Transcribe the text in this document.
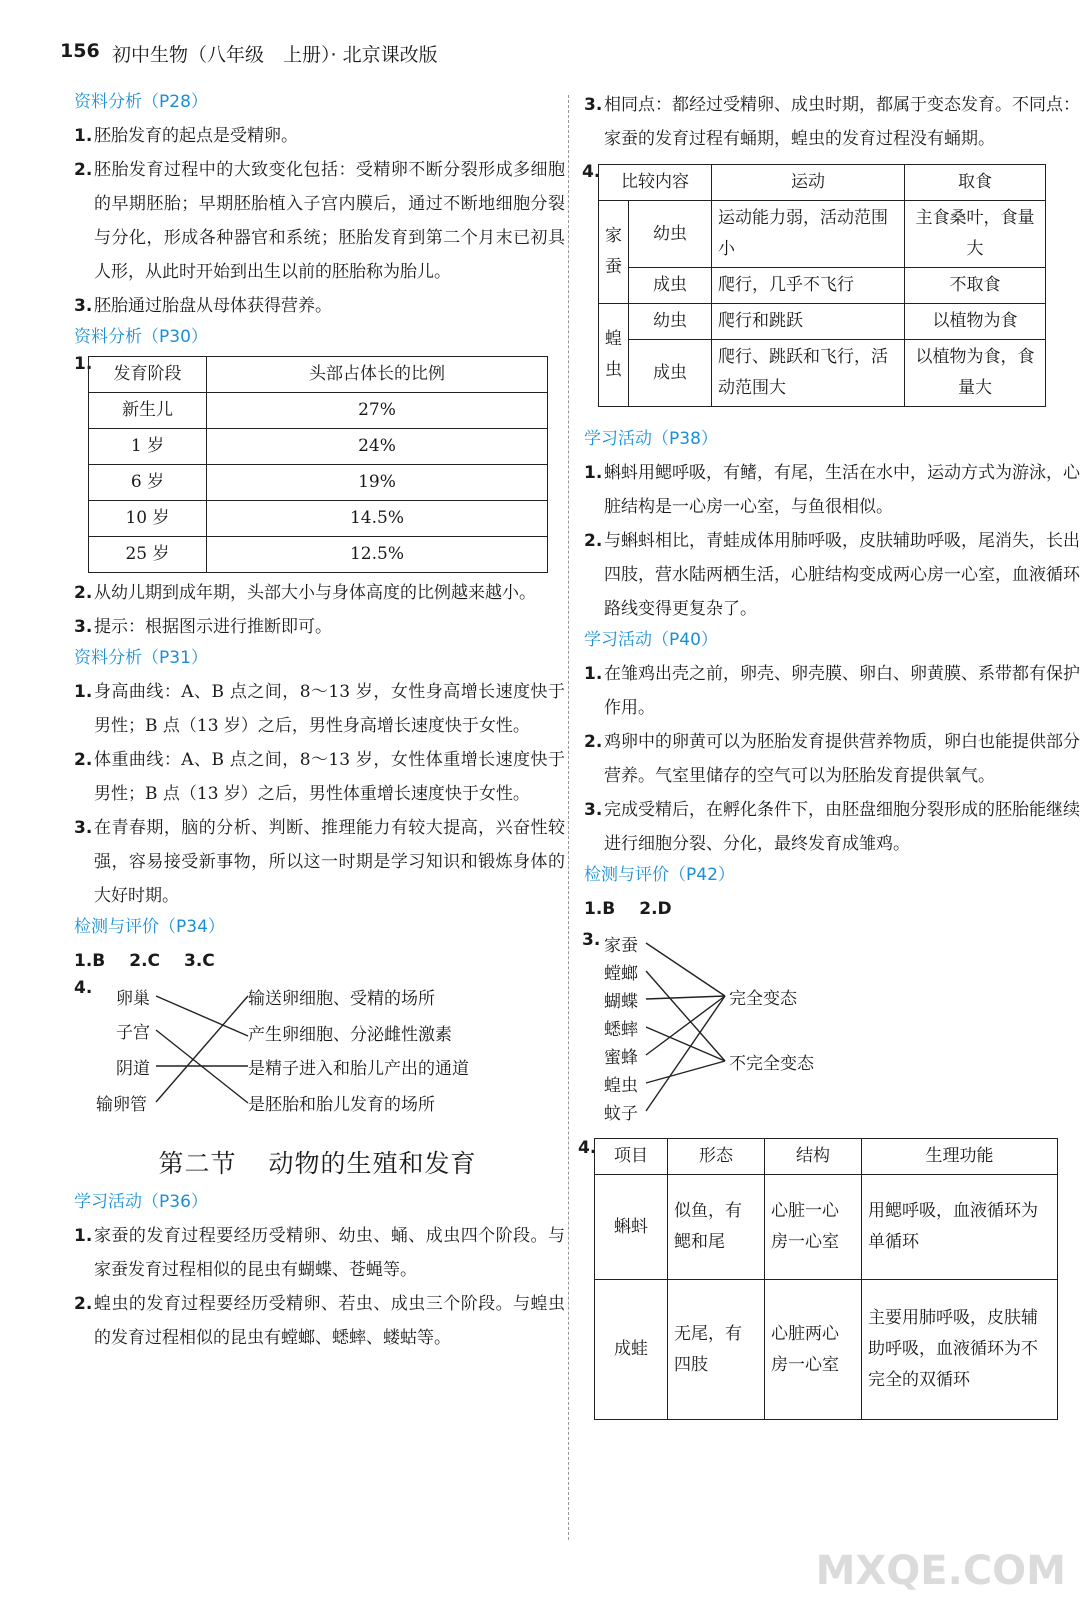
156 初中生物（八年级　上册）· 北京课改版
资料分析（P28）
1. 胚胎发育的起点是受精卵。
2. 胚胎发育过程中的大致变化包括：受精卵不断分裂形成多细胞的早期胚胎；早期胚胎植入子宫内膜后，通过不断地细胞分裂与分化，形成各种器官和系统；胚胎发育到第二个月末已初具人形，从此时开始到出生以前的胚胎称为胎儿。
3. 胚胎通过胎盘从母体获得营养。
资料分析（P30）
1. 发育阶段	头部占体长的比例
新生儿	27%
1 岁	24%
6 岁	19%
10 岁	14.5%
25 岁	12.5%
2. 从幼儿期到成年期，头部大小与身体高度的比例越来越小。
3. 提示：根据图示进行推断即可。
资料分析（P31）
1. 身高曲线：A、B 点之间，8～13 岁，女性身高增长速度快于男性；B 点（13 岁）之后，男性身高增长速度快于女性。
2. 体重曲线：A、B 点之间，8～13 岁，女性体重增长速度快于男性；B 点（13 岁）之后，男性体重增长速度快于女性。
3. 在青春期，脑的分析、判断、推理能力有较大提高，兴奋性较强，容易接受新事物，所以这一时期是学习知识和锻炼身体的大好时期。
检测与评价（P34）
1.B 2.C 3.C
4.
卵巢
子宫
阴道
输卵管
输送卵细胞、受精的场所
产生卵细胞、分泌雌性激素
是精子进入和胎儿产出的通道
是胚胎和胎儿发育的场所
第二节 动物的生殖和发育
学习活动（P36）
1. 家蚕的发育过程要经历受精卵、幼虫、蛹、成虫四个阶段。与家蚕发育过程相似的昆虫有蝴蝶、苍蝇等。
2. 蝗虫的发育过程要经历受精卵、若虫、成虫三个阶段。与蝗虫的发育过程相似的昆虫有螳螂、蟋蟀、蝼蛄等。
3. 相同点：都经过受精卵、成虫时期，都属于变态发育。不同点：家蚕的发育过程有蛹期，蝗虫的发育过程没有蛹期。
4. 比较内容		运动	取食
家蚕	幼虫	运动能力弱，活动范围小	主食桑叶，食量大
	成虫	爬行，几乎不飞行	不取食
蝗虫	幼虫	爬行和跳跃	以植物为食
	成虫	爬行、跳跃和飞行，活动范围大	以植物为食，食量大
学习活动（P38）
1. 蝌蚪用鳃呼吸，有鳍，有尾，生活在水中，运动方式为游泳，心脏结构是一心房一心室，与鱼很相似。
2. 与蝌蚪相比，青蛙成体用肺呼吸，皮肤辅助呼吸，尾消失，长出四肢，营水陆两栖生活，心脏结构变成两心房一心室，血液循环路线变得更复杂了。
学习活动（P40）
1. 在雏鸡出壳之前，卵壳、卵壳膜、卵白、卵黄膜、系带都有保护作用。
2. 鸡卵中的卵黄可以为胚胎发育提供营养物质，卵白也能提供部分营养。气室里储存的空气可以为胚胎发育提供氧气。
3. 完成受精后，在孵化条件下，由胚盘细胞分裂形成的胚胎能继续进行细胞分裂、分化，最终发育成雏鸡。
检测与评价（P42）
1.B 2.D
3. 家蚕
螳螂
蝴蝶
蟋蟀
蜜蜂
蝗虫
蚊子
完全变态
不完全变态
4. 项目	形态	结构	生理功能
蝌蚪	似鱼，有鳃和尾	心脏一心房一心室	用鳃呼吸，血液循环为单循环
成蛙	无尾，有四肢	心脏两心房一心室	主要用肺呼吸，皮肤辅助呼吸，血液循环为不完全的双循环
MXQE.COM
